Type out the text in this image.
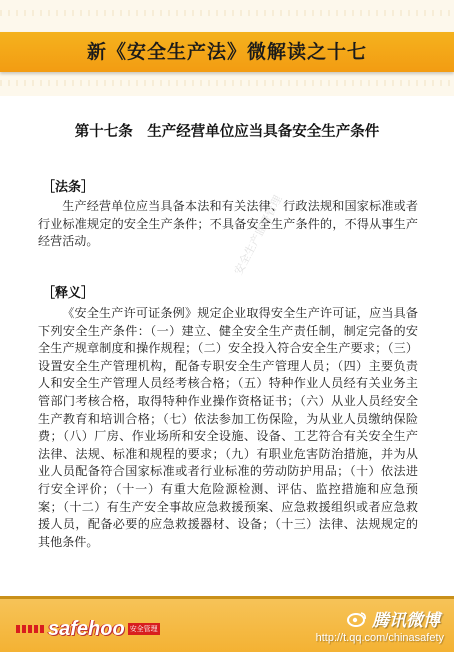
新《安全生产法》微解读之十七
第十七条　生产经营单位应当具备安全生产条件
［法条］
生产经营单位应当具备本法和有关法律、行政法规和国家标准或者行业标准规定的安全生产条件；不具备安全生产条件的，不得从事生产经营活动。
［释义］
《安全生产许可证条例》规定企业取得安全生产许可证，应当具备下列安全生产条件：（一）建立、健全安全生产责任制，制定完备的安全生产规章制度和操作规程；（二）安全投入符合安全生产要求；（三）设置安全生产管理机构，配备专职安全生产管理人员；（四）主要负责人和安全生产管理人员经考核合格；（五）特种作业人员经有关业务主管部门考核合格，取得特种作业操作资格证书；（六）从业人员经安全生产教育和培训合格；（七）依法参加工伤保险，为从业人员缴纳保险费；（八）厂房、作业场所和安全设施、设备、工艺符合有关安全生产法律、法规、标准和规程的要求；（九）有职业危害防治措施，并为从业人员配备符合国家标准或者行业标准的劳动防护用品；（十）依法进行安全评价；（十一）有重大危险源检测、评估、监控措施和应急预案；（十二）有生产安全事故应急救援预案、应急救援组织或者应急救援人员，配备必要的应急救援器材、设备；（十三）法律、法规规定的其他条件。
安全生产监督管理
safehoo 安全管理	腾讯微博
http://t.qq.com/chinasafety
